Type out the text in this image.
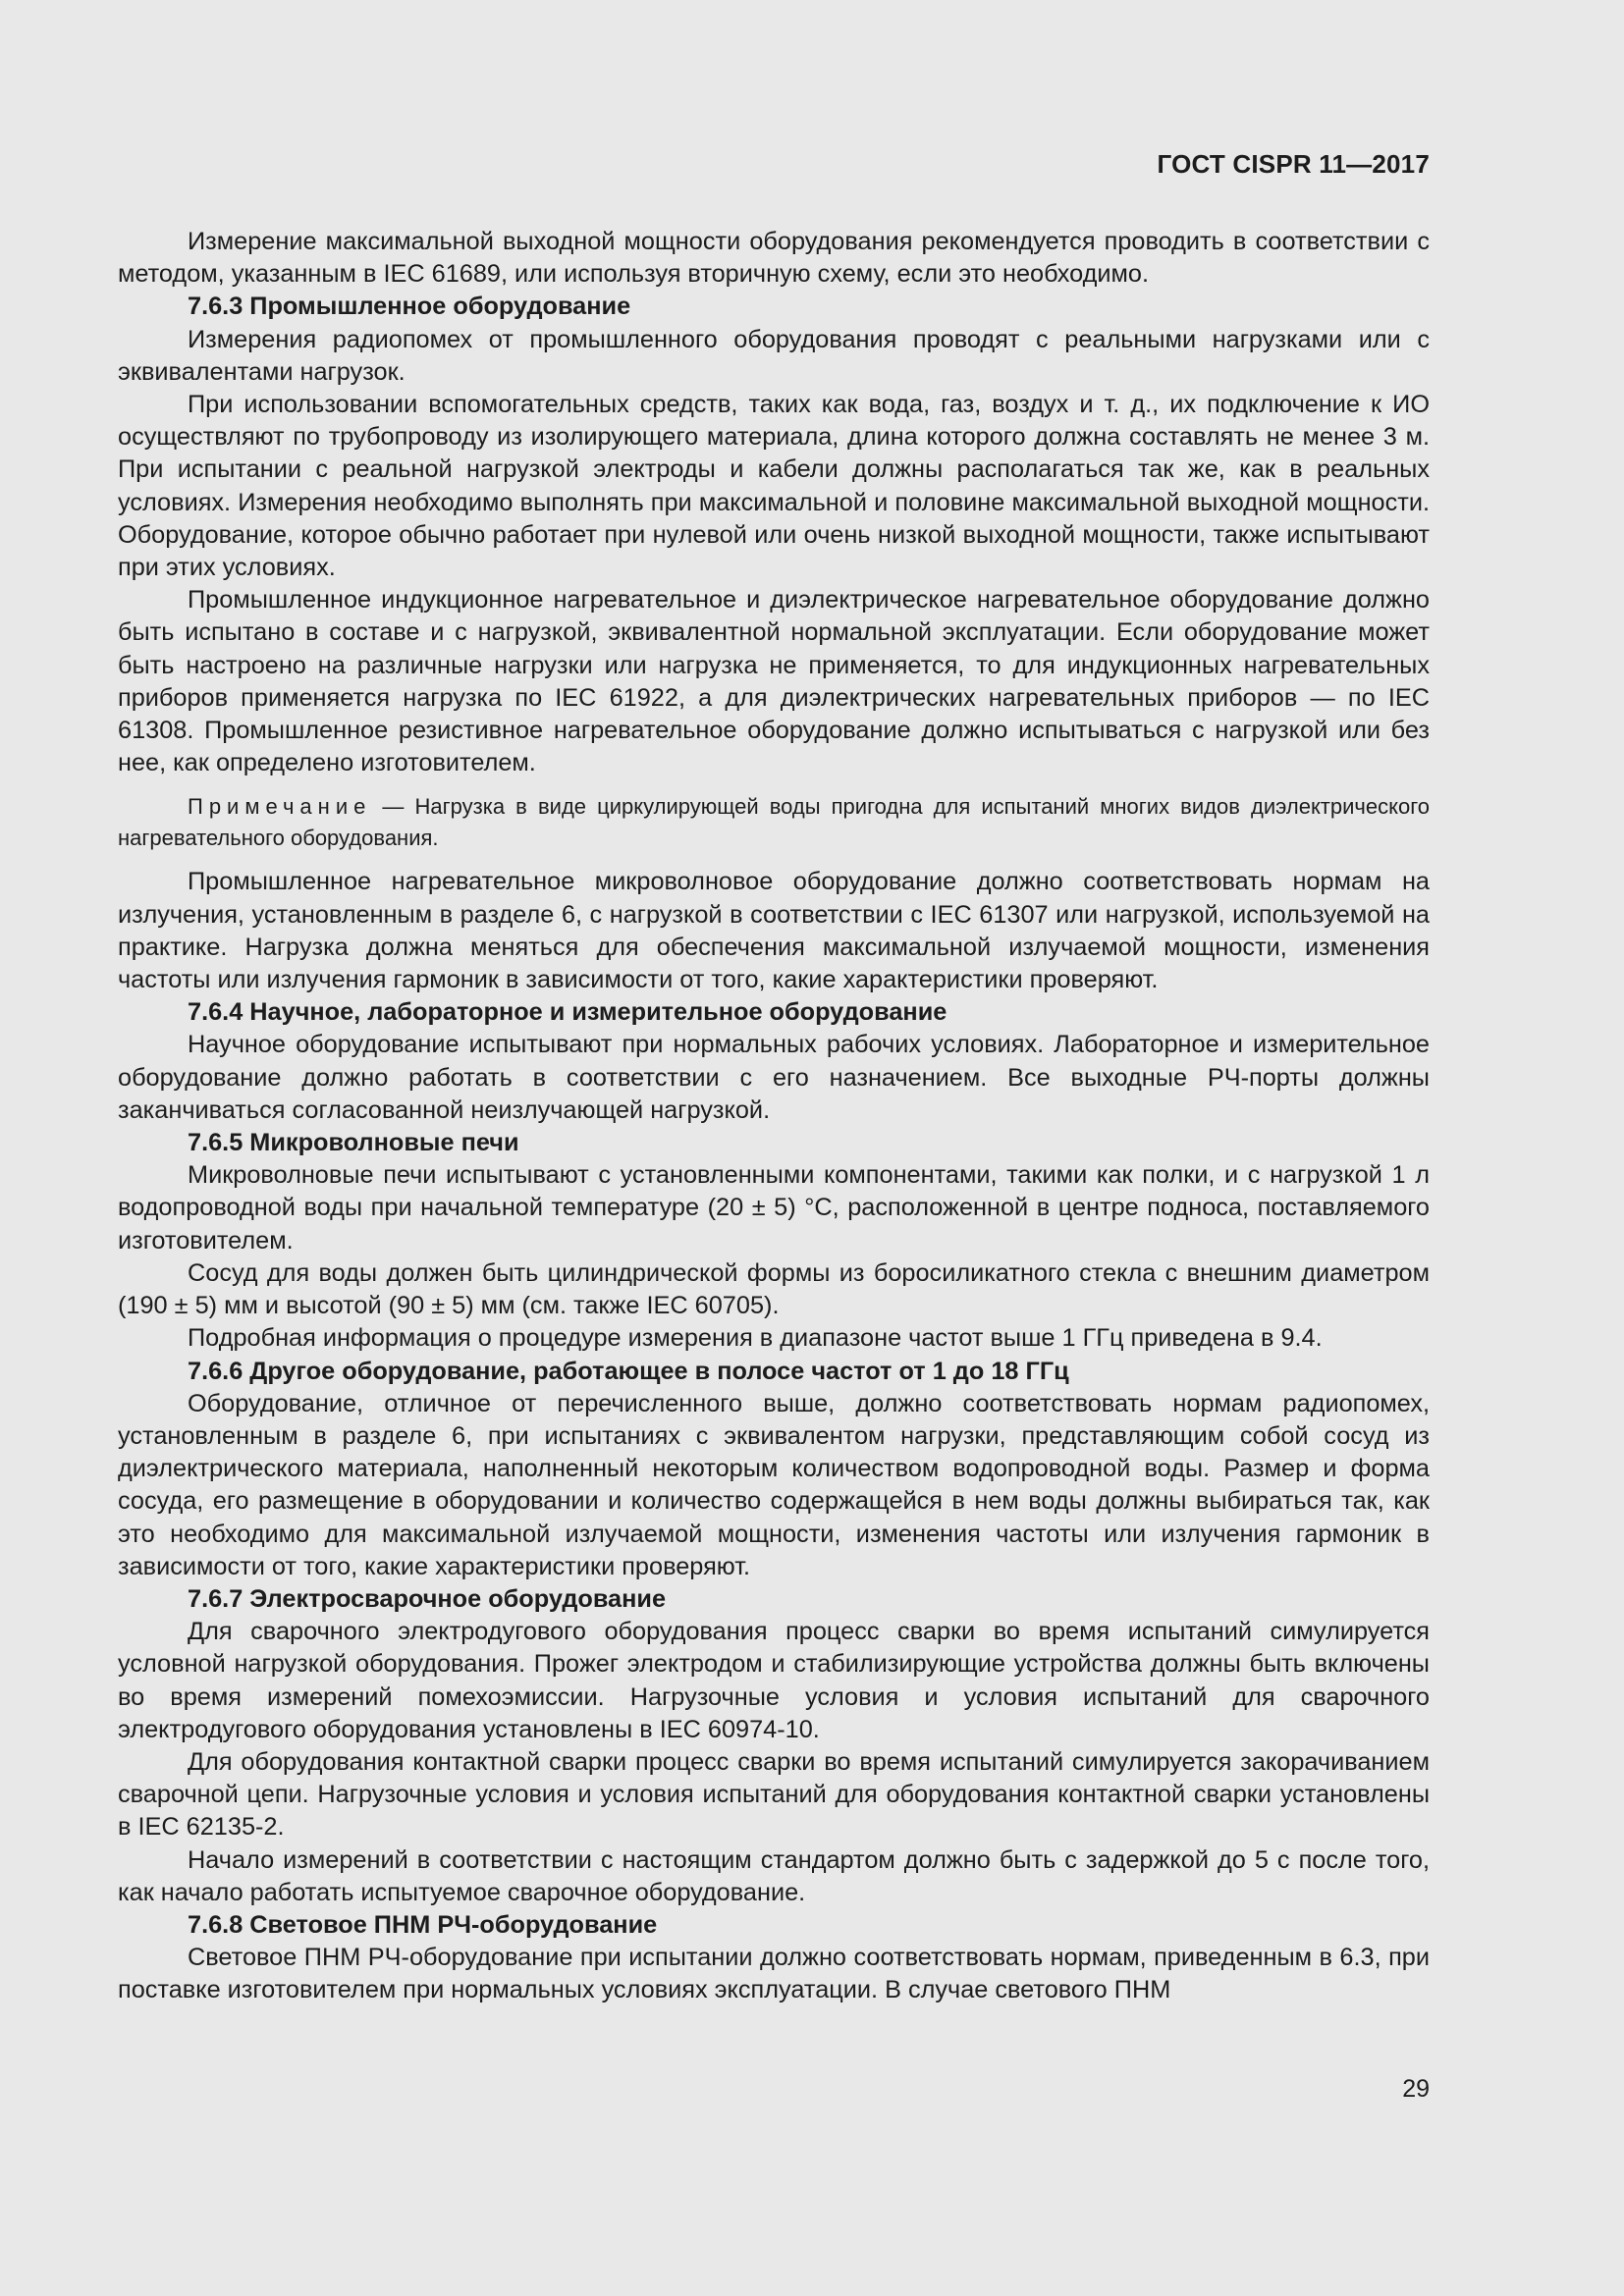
ГОСТ CISPR 11—2017

Измерение максимальной выходной мощности оборудования рекомендуется проводить в соответствии с методом, указанным в IEC 61689, или используя вторичную схему, если это необходимо.

7.6.3 Промышленное оборудование

Измерения радиопомех от промышленного оборудования проводят с реальными нагрузками или с эквивалентами нагрузок.

При использовании вспомогательных средств, таких как вода, газ, воздух и т. д., их подключение к ИО осуществляют по трубопроводу из изолирующего материала, длина которого должна составлять не менее 3 м. При испытании с реальной нагрузкой электроды и кабели должны располагаться так же, как в реальных условиях. Измерения необходимо выполнять при максимальной и половине максимальной выходной мощности. Оборудование, которое обычно работает при нулевой или очень низкой выходной мощности, также испытывают при этих условиях.

Промышленное индукционное нагревательное и диэлектрическое нагревательное оборудование должно быть испытано в составе и с нагрузкой, эквивалентной нормальной эксплуатации. Если оборудование может быть настроено на различные нагрузки или нагрузка не применяется, то для индукционных нагревательных приборов применяется нагрузка по IEC 61922, а для диэлектрических нагревательных приборов — по IEC 61308. Промышленное резистивное нагревательное оборудование должно испытываться с нагрузкой или без нее, как определено изготовителем.

Примечание — Нагрузка в виде циркулирующей воды пригодна для испытаний многих видов диэлектрического нагревательного оборудования.

Промышленное нагревательное микроволновое оборудование должно соответствовать нормам на излучения, установленным в разделе 6, с нагрузкой в соответствии с IEC 61307 или нагрузкой, используемой на практике. Нагрузка должна меняться для обеспечения максимальной излучаемой мощности, изменения частоты или излучения гармоник в зависимости от того, какие характеристики проверяют.

7.6.4 Научное, лабораторное и измерительное оборудование

Научное оборудование испытывают при нормальных рабочих условиях. Лабораторное и измерительное оборудование должно работать в соответствии с его назначением. Все выходные РЧ-порты должны заканчиваться согласованной неизлучающей нагрузкой.

7.6.5 Микроволновые печи

Микроволновые печи испытывают с установленными компонентами, такими как полки, и с нагрузкой 1 л водопроводной воды при начальной температуре (20 ± 5) °С, расположенной в центре подноса, поставляемого изготовителем.

Сосуд для воды должен быть цилиндрической формы из боросиликатного стекла с внешним диаметром (190 ± 5) мм и высотой (90 ± 5) мм (см. также IEC 60705).

Подробная информация о процедуре измерения в диапазоне частот выше 1 ГГц приведена в 9.4.

7.6.6 Другое оборудование, работающее в полосе частот от 1 до 18 ГГц

Оборудование, отличное от перечисленного выше, должно соответствовать нормам радиопомех, установленным в разделе 6, при испытаниях с эквивалентом нагрузки, представляющим собой сосуд из диэлектрического материала, наполненный некоторым количеством водопроводной воды. Размер и форма сосуда, его размещение в оборудовании и количество содержащейся в нем воды должны выбираться так, как это необходимо для максимальной излучаемой мощности, изменения частоты или излучения гармоник в зависимости от того, какие характеристики проверяют.

7.6.7 Электросварочное оборудование

Для сварочного электродугового оборудования процесс сварки во время испытаний симулируется условной нагрузкой оборудования. Прожег электродом и стабилизирующие устройства должны быть включены во время измерений помехоэмиссии. Нагрузочные условия и условия испытаний для сварочного электродугового оборудования установлены в IEC 60974-10.

Для оборудования контактной сварки процесс сварки во время испытаний симулируется закорачиванием сварочной цепи. Нагрузочные условия и условия испытаний для оборудования контактной сварки установлены в IEC 62135-2.

Начало измерений в соответствии с настоящим стандартом должно быть с задержкой до 5 с после того, как начало работать испытуемое сварочное оборудование.

7.6.8 Световое ПНМ РЧ-оборудование

Световое ПНМ РЧ-оборудование при испытании должно соответствовать нормам, приведенным в 6.3, при поставке изготовителем при нормальных условиях эксплуатации. В случае светового ПНМ

29
